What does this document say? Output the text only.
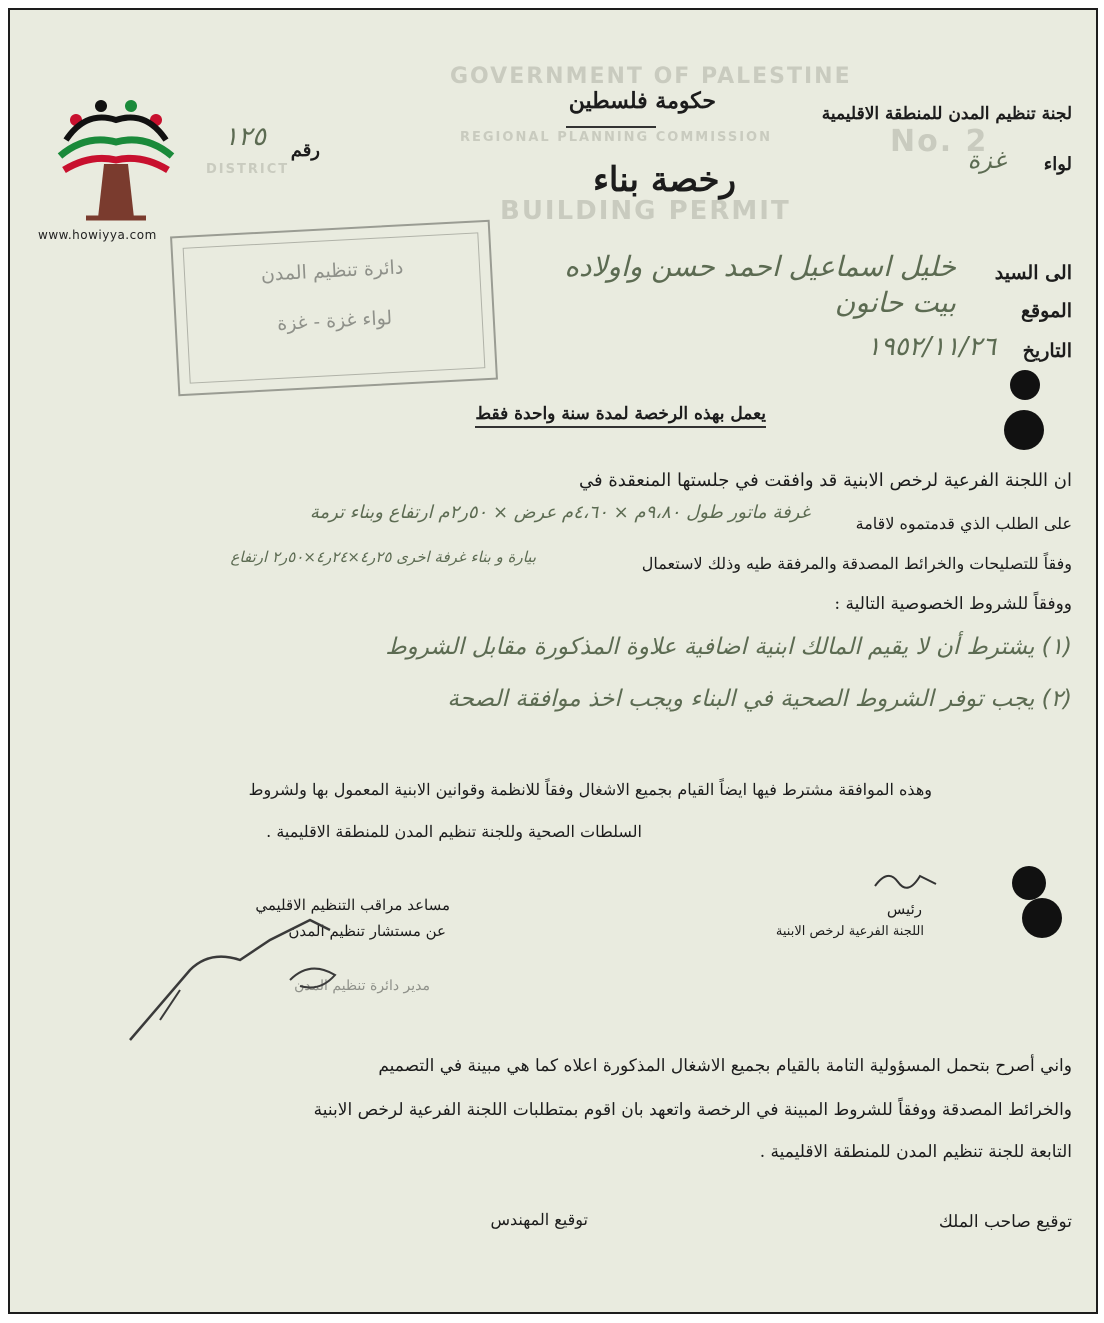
GOVERNMENT OF PALESTINE
REGIONAL PLANNING COMMISSION
DISTRICT
BUILDING PERMIT
No. 2
www.howiyya.com
حكومة فلسطين	لجنة تنظيم المدن للمنطقة الاقليمية
لواء
غزة
رقم
١٢٥
رخصة بناء
دائرة تنظيم المدن
لواء غزة - غزة
الى السيد
خليل اسماعيل احمد حسن واولاده
الموقع
بيت حانون
التاريخ
١٩٥٢/١١/٢٦
يعمل بهذه الرخصة لمدة سنة واحدة فقط
ان اللجنة الفرعية لرخص الابنية قد وافقت في جلستها المنعقدة في
على الطلب الذي قدمتموه لاقامة
غرفة ماتور طول ٩،٨٠م × ٤،٦٠م عرض × ٥٠ر٢م ارتفاع وبناء ترمة
وفقاً للتصليحات والخرائط المصدقة والمرفقة طيه وذلك لاستعمال
بيارة و بناء غرفة اخرى ٢٥ر٤×٢٤ر٤×٥٠ر٢ ارتفاع
ووفقاً للشروط الخصوصية التالية :
(١) يشترط أن لا يقيم المالك ابنية اضافية علاوة المذكورة مقابل الشروط
(٢) يجب توفر الشروط الصحية في البناء ويجب اخذ موافقة الصحة
وهذه الموافقة مشترط فيها ايضاً القيام بجميع الاشغال وفقاً للانظمة وقوانين الابنية المعمول بها ولشروط
السلطات الصحية وللجنة تنظيم المدن للمنطقة الاقليمية .
رئيس
اللجنة الفرعية لرخص الابنية
مساعد مراقب التنظيم الاقليمي
عن مستشار تنظيم المدن
مدير دائرة تنظيم المدن
واني أصرح بتحمل المسؤولية التامة بالقيام بجميع الاشغال المذكورة اعلاه كما هي مبينة في التصميم
والخرائط المصدقة ووفقاً للشروط المبينة في الرخصة واتعهد بان اقوم بمتطلبات اللجنة الفرعية لرخص الابنية
التابعة للجنة تنظيم المدن للمنطقة الاقليمية .
توقيع صاحب الملك
توقيع المهندس
